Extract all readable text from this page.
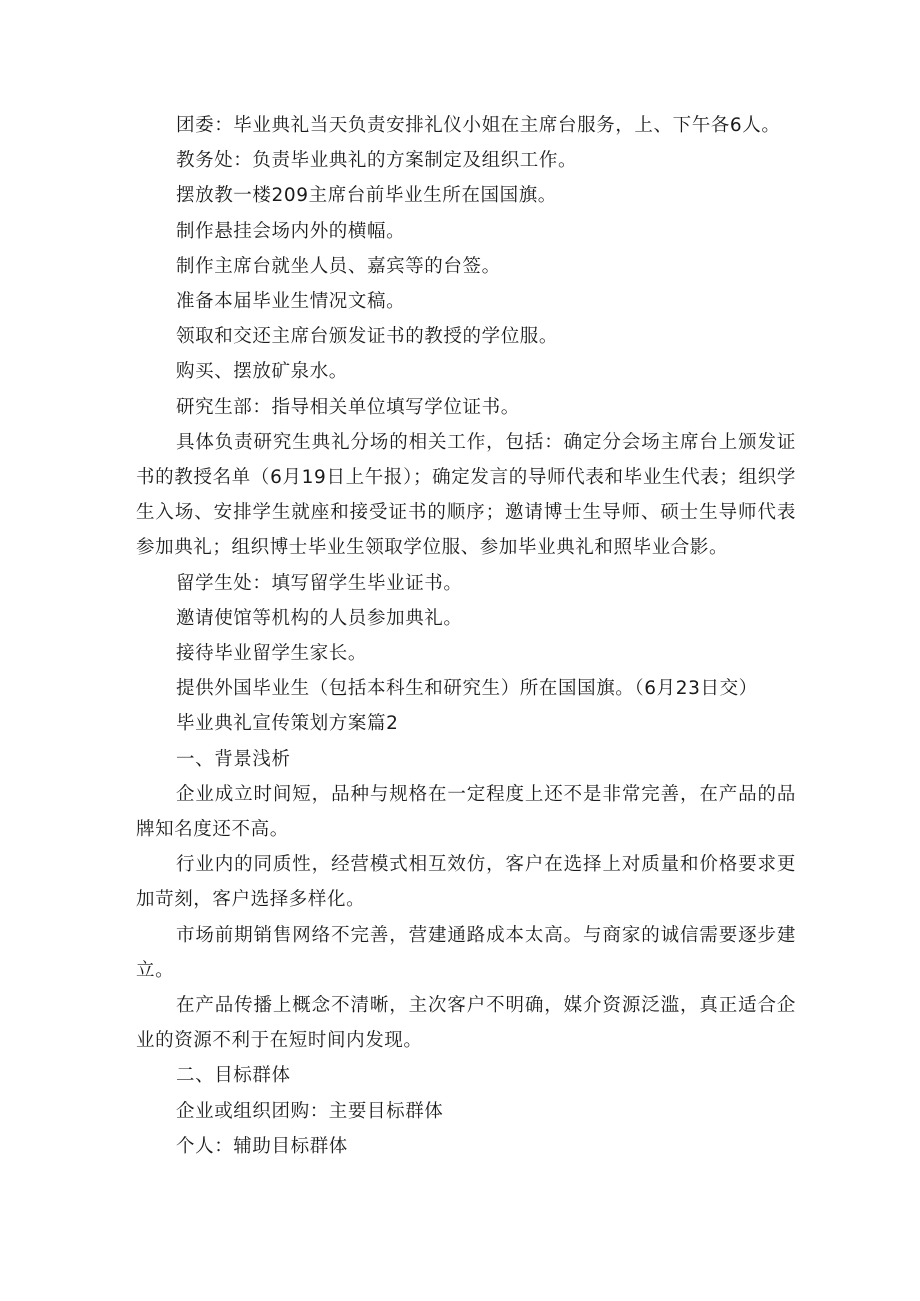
团委：毕业典礼当天负责安排礼仪小姐在主席台服务，上、下午各6人。

教务处：负责毕业典礼的方案制定及组织工作。

摆放教一楼209主席台前毕业生所在国国旗。

制作悬挂会场内外的横幅。

制作主席台就坐人员、嘉宾等的台签。

准备本届毕业生情况文稿。

领取和交还主席台颁发证书的教授的学位服。

购买、摆放矿泉水。

研究生部：指导相关单位填写学位证书。

具体负责研究生典礼分场的相关工作，包括：确定分会场主席台上颁发证书的教授名单（6月19日上午报）；确定发言的导师代表和毕业生代表；组织学生入场、安排学生就座和接受证书的顺序；邀请博士生导师、硕士生导师代表参加典礼；组织博士毕业生领取学位服、参加毕业典礼和照毕业合影。

留学生处：填写留学生毕业证书。

邀请使馆等机构的人员参加典礼。

接待毕业留学生家长。

提供外国毕业生（包括本科生和研究生）所在国国旗。（6月23日交）

毕业典礼宣传策划方案篇2

一、背景浅析

企业成立时间短，品种与规格在一定程度上还不是非常完善，在产品的品牌知名度还不高。

行业内的同质性，经营模式相互效仿，客户在选择上对质量和价格要求更加苛刻，客户选择多样化。

市场前期销售网络不完善，营建通路成本太高。与商家的诚信需要逐步建立。

在产品传播上概念不清晰，主次客户不明确，媒介资源泛滥，真正适合企业的资源不利于在短时间内发现。

二、目标群体

企业或组织团购：主要目标群体

个人：辅助目标群体
